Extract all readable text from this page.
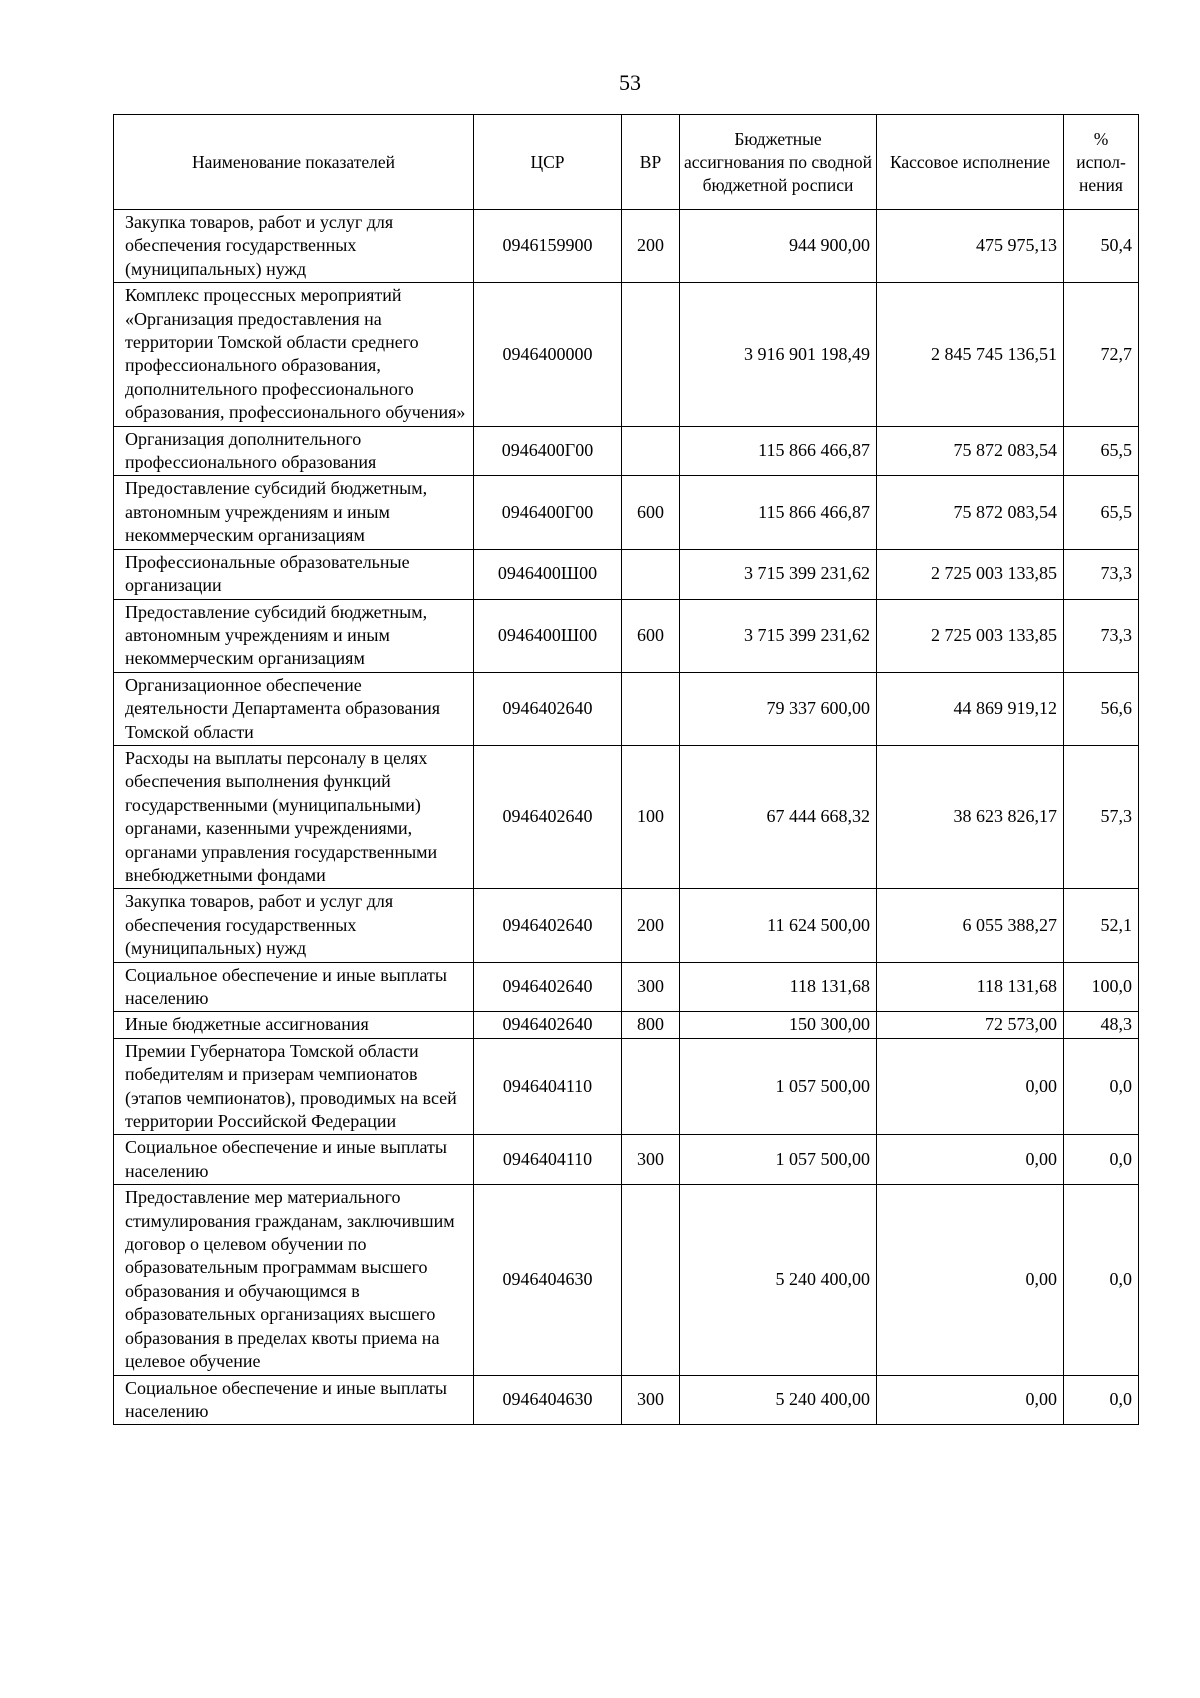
53
Наименование показателей	ЦСР	ВР	Бюджетные ассигнования по сводной бюджетной росписи	Кассовое исполнение	% испол-нения
Закупка товаров, работ и услуг для обеспечения государственных (муниципальных) нужд	0946159900	200	944 900,00	475 975,13	50,4
Комплекс процессных мероприятий «Организация предоставления на территории Томской области среднего профессионального образования, дополнительного профессионального образования, профессионального обучения»	0946400000		3 916 901 198,49	2 845 745 136,51	72,7
Организация дополнительного профессионального образования	0946400Г00		115 866 466,87	75 872 083,54	65,5
Предоставление субсидий бюджетным, автономным учреждениям и иным некоммерческим организациям	0946400Г00	600	115 866 466,87	75 872 083,54	65,5
Профессиональные образовательные организации	0946400Ш00		3 715 399 231,62	2 725 003 133,85	73,3
Предоставление субсидий бюджетным, автономным учреждениям и иным некоммерческим организациям	0946400Ш00	600	3 715 399 231,62	2 725 003 133,85	73,3
Организационное обеспечение деятельности Департамента образования Томской области	0946402640		79 337 600,00	44 869 919,12	56,6
Расходы на выплаты персоналу в целях обеспечения выполнения функций государственными (муниципальными) органами, казенными учреждениями, органами управления государственными внебюджетными фондами	0946402640	100	67 444 668,32	38 623 826,17	57,3
Закупка товаров, работ и услуг для обеспечения государственных (муниципальных) нужд	0946402640	200	11 624 500,00	6 055 388,27	52,1
Социальное обеспечение и иные выплаты населению	0946402640	300	118 131,68	118 131,68	100,0
Иные бюджетные ассигнования	0946402640	800	150 300,00	72 573,00	48,3
Премии Губернатора Томской области победителям и призерам чемпионатов (этапов чемпионатов), проводимых на всей территории Российской Федерации	0946404110		1 057 500,00	0,00	0,0
Социальное обеспечение и иные выплаты населению	0946404110	300	1 057 500,00	0,00	0,0
Предоставление мер материального стимулирования гражданам, заключившим договор о целевом обучении по образовательным программам высшего образования и обучающимся в образовательных организациях высшего образования в пределах квоты приема на целевое обучение	0946404630		5 240 400,00	0,00	0,0
Социальное обеспечение и иные выплаты населению	0946404630	300	5 240 400,00	0,00	0,0
